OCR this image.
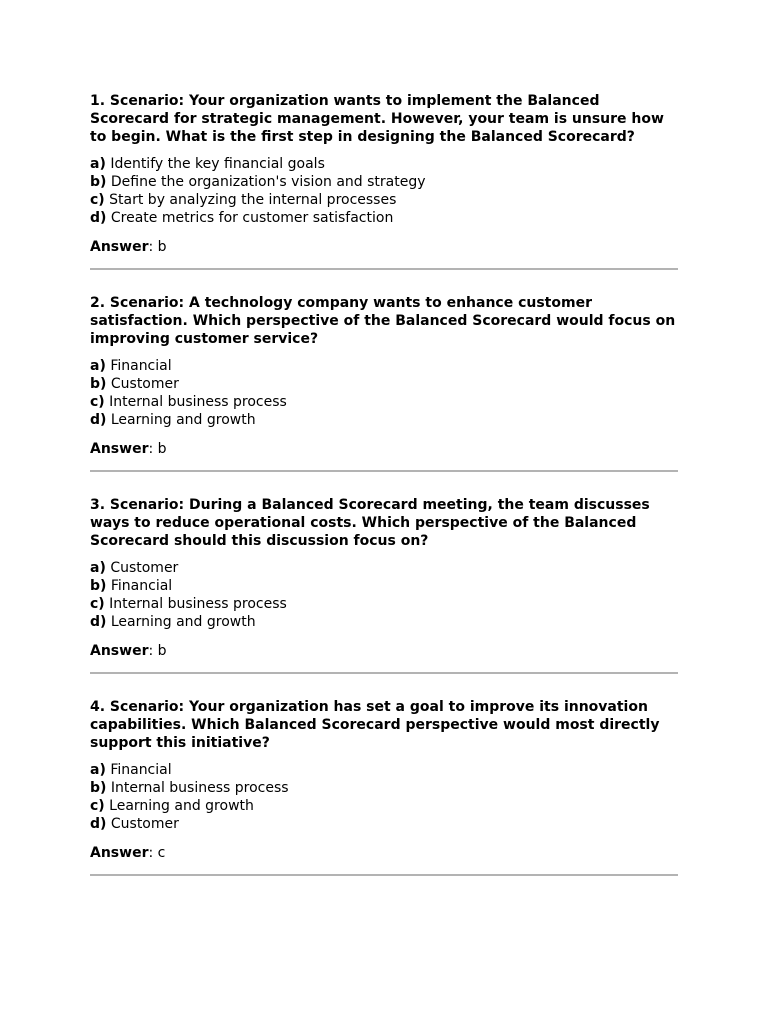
1. Scenario: Your organization wants to implement the Balanced Scorecard for strategic management. However, your team is unsure how to begin. What is the first step in designing the Balanced Scorecard?

a) Identify the key financial goals
b) Define the organization's vision and strategy
c) Start by analyzing the internal processes
d) Create metrics for customer satisfaction
Answer: b

2. Scenario: A technology company wants to enhance customer satisfaction. Which perspective of the Balanced Scorecard would focus on improving customer service?

a) Financial
b) Customer
c) Internal business process
d) Learning and growth
Answer: b

3. Scenario: During a Balanced Scorecard meeting, the team discusses ways to reduce operational costs. Which perspective of the Balanced Scorecard should this discussion focus on?

a) Customer
b) Financial
c) Internal business process
d) Learning and growth
Answer: b

4. Scenario: Your organization has set a goal to improve its innovation capabilities. Which Balanced Scorecard perspective would most directly support this initiative?

a) Financial
b) Internal business process
c) Learning and growth
d) Customer
Answer: c
